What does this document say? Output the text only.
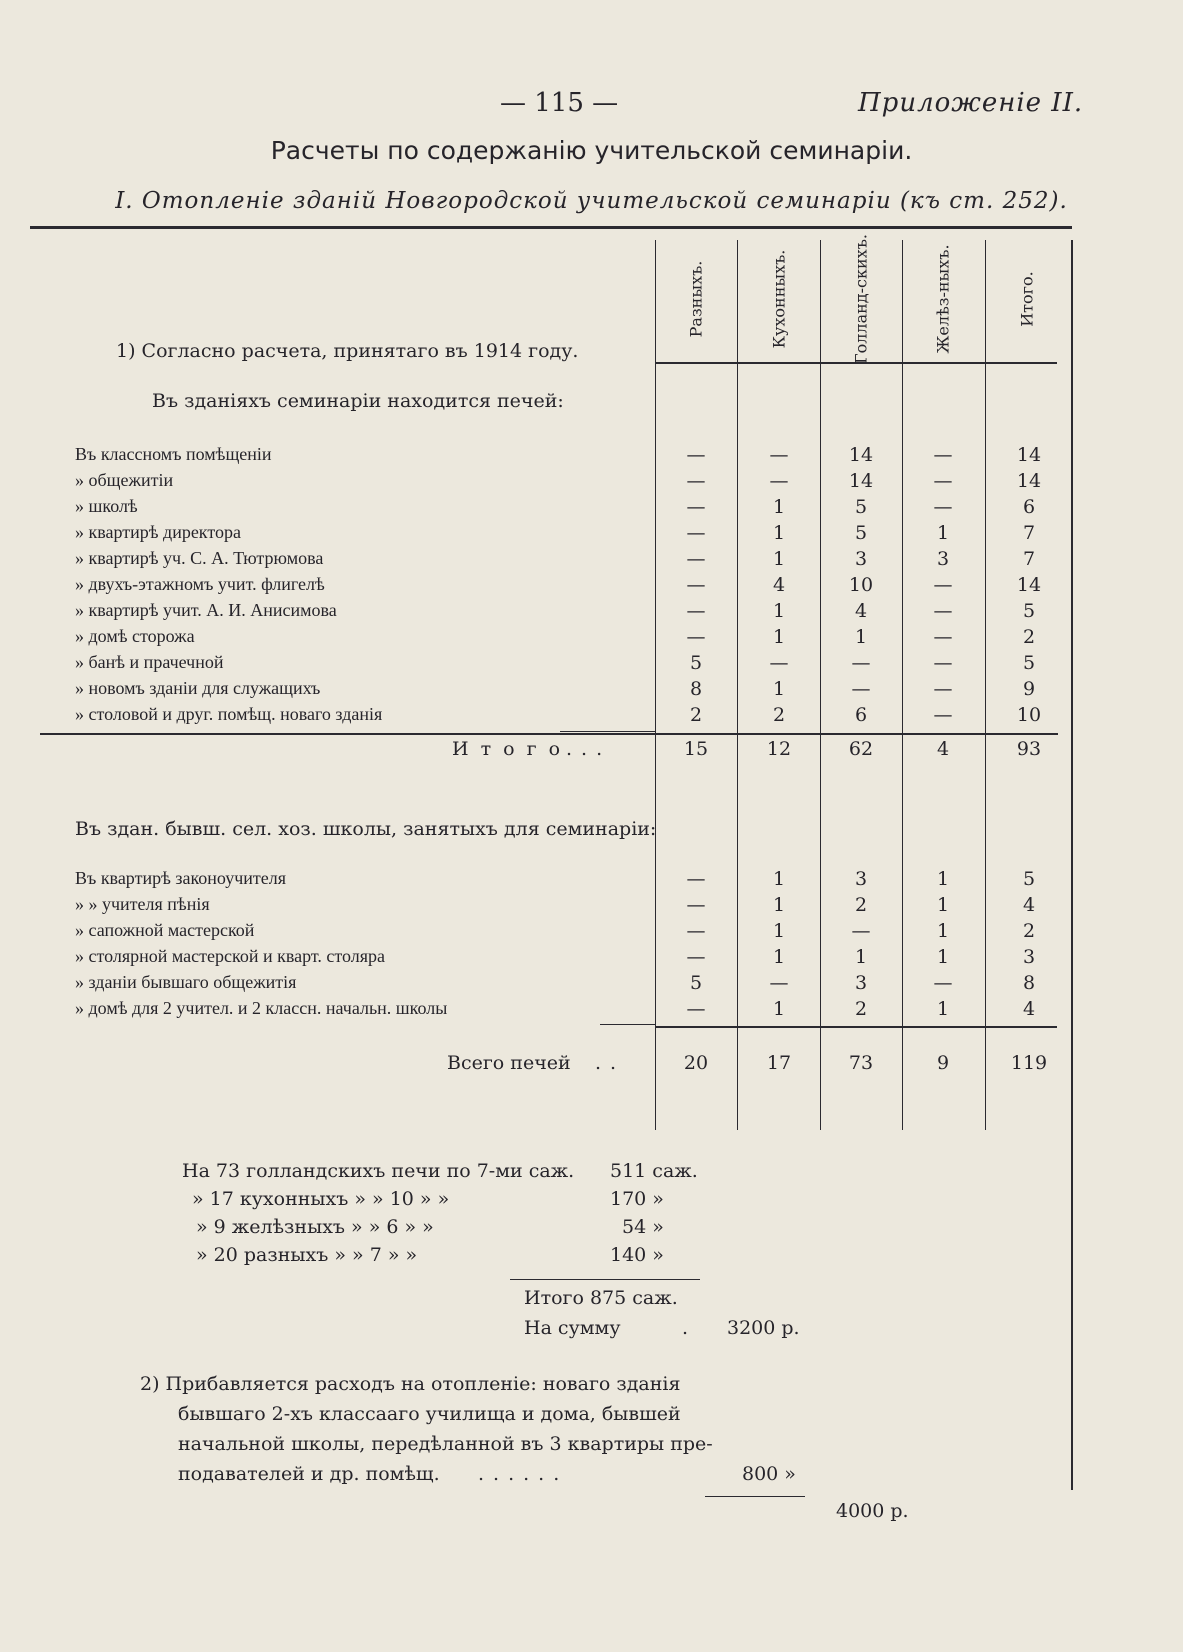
— 115 —	Приложенiе II.
Расчеты по содержанiю учительской семинарiи.
I. Отопленiе зданiй Новгородской учительской семинарiи (къ ст. 252).
Разныхъ.	Кухонныхъ.	Голланд-скихъ.	Желѣз-ныхъ.	Итого.
1) Согласно расчета, принятаго въ 1914 году.
Въ зданiяхъ семинарiи находится печей:
Въ классномъ помѣщенiи	—	—	14	—	14
» общежитiи	—	—	14	—	14
» школѣ	—	1	5	—	6
» квартирѣ директора	—	1	5	1	7
» квартирѣ уч. С. А. Тютрюмова	—	1	3	3	7
» двухъ-этажномъ учит. флигелѣ	—	4	10	—	14
» квартирѣ учит. А. И. Анисимова	—	1	4	—	5
» домѣ сторожа	—	1	1	—	2
» банѣ и прачечной	5	—	—	—	5
» новомъ зданiи для служащихъ	8	1	—	—	9
» столовой и друг. помѣщ. новаго зданiя	2	2	6	—	10
И т о г о ...	15	12	62	4	93
Въ здан. бывш. сел. хоз. школы, занятыхъ для семинарiи:
Въ квартирѣ законоучителя	—	1	3	1	5
» » учителя пѣнiя	—	1	2	1	4
» сапожной мастерской	—	1	—	1	2
» столярной мастерской и кварт. столяра	—	1	1	1	3
» зданiи бывшаго общежитiя	5	—	3	—	8
» домѣ для 2 учител. и 2 классн. начальн. школы	—	1	2	1	4
Всего печей ..	20	17	73	9	119
На 73 голландскихъ печи по 7-ми саж. 511 саж.
» 17 кухонныхъ » » 10 » »	170 »
» 9 желѣзныхъ » » 6 » »	54 »
» 20 разныхъ » » 7 » »	140 »
Итого 875 саж.
На сумму	. 3200 р.
2) Прибавляется расходъ на отопленiе: новаго зданiя
бывшаго 2-хъ классааго училища и дома, бывшей
начальной школы, передѣланной въ 3 квартиры пре-
подавателей и др. помѣщ. ......	800 »
4000 р.
